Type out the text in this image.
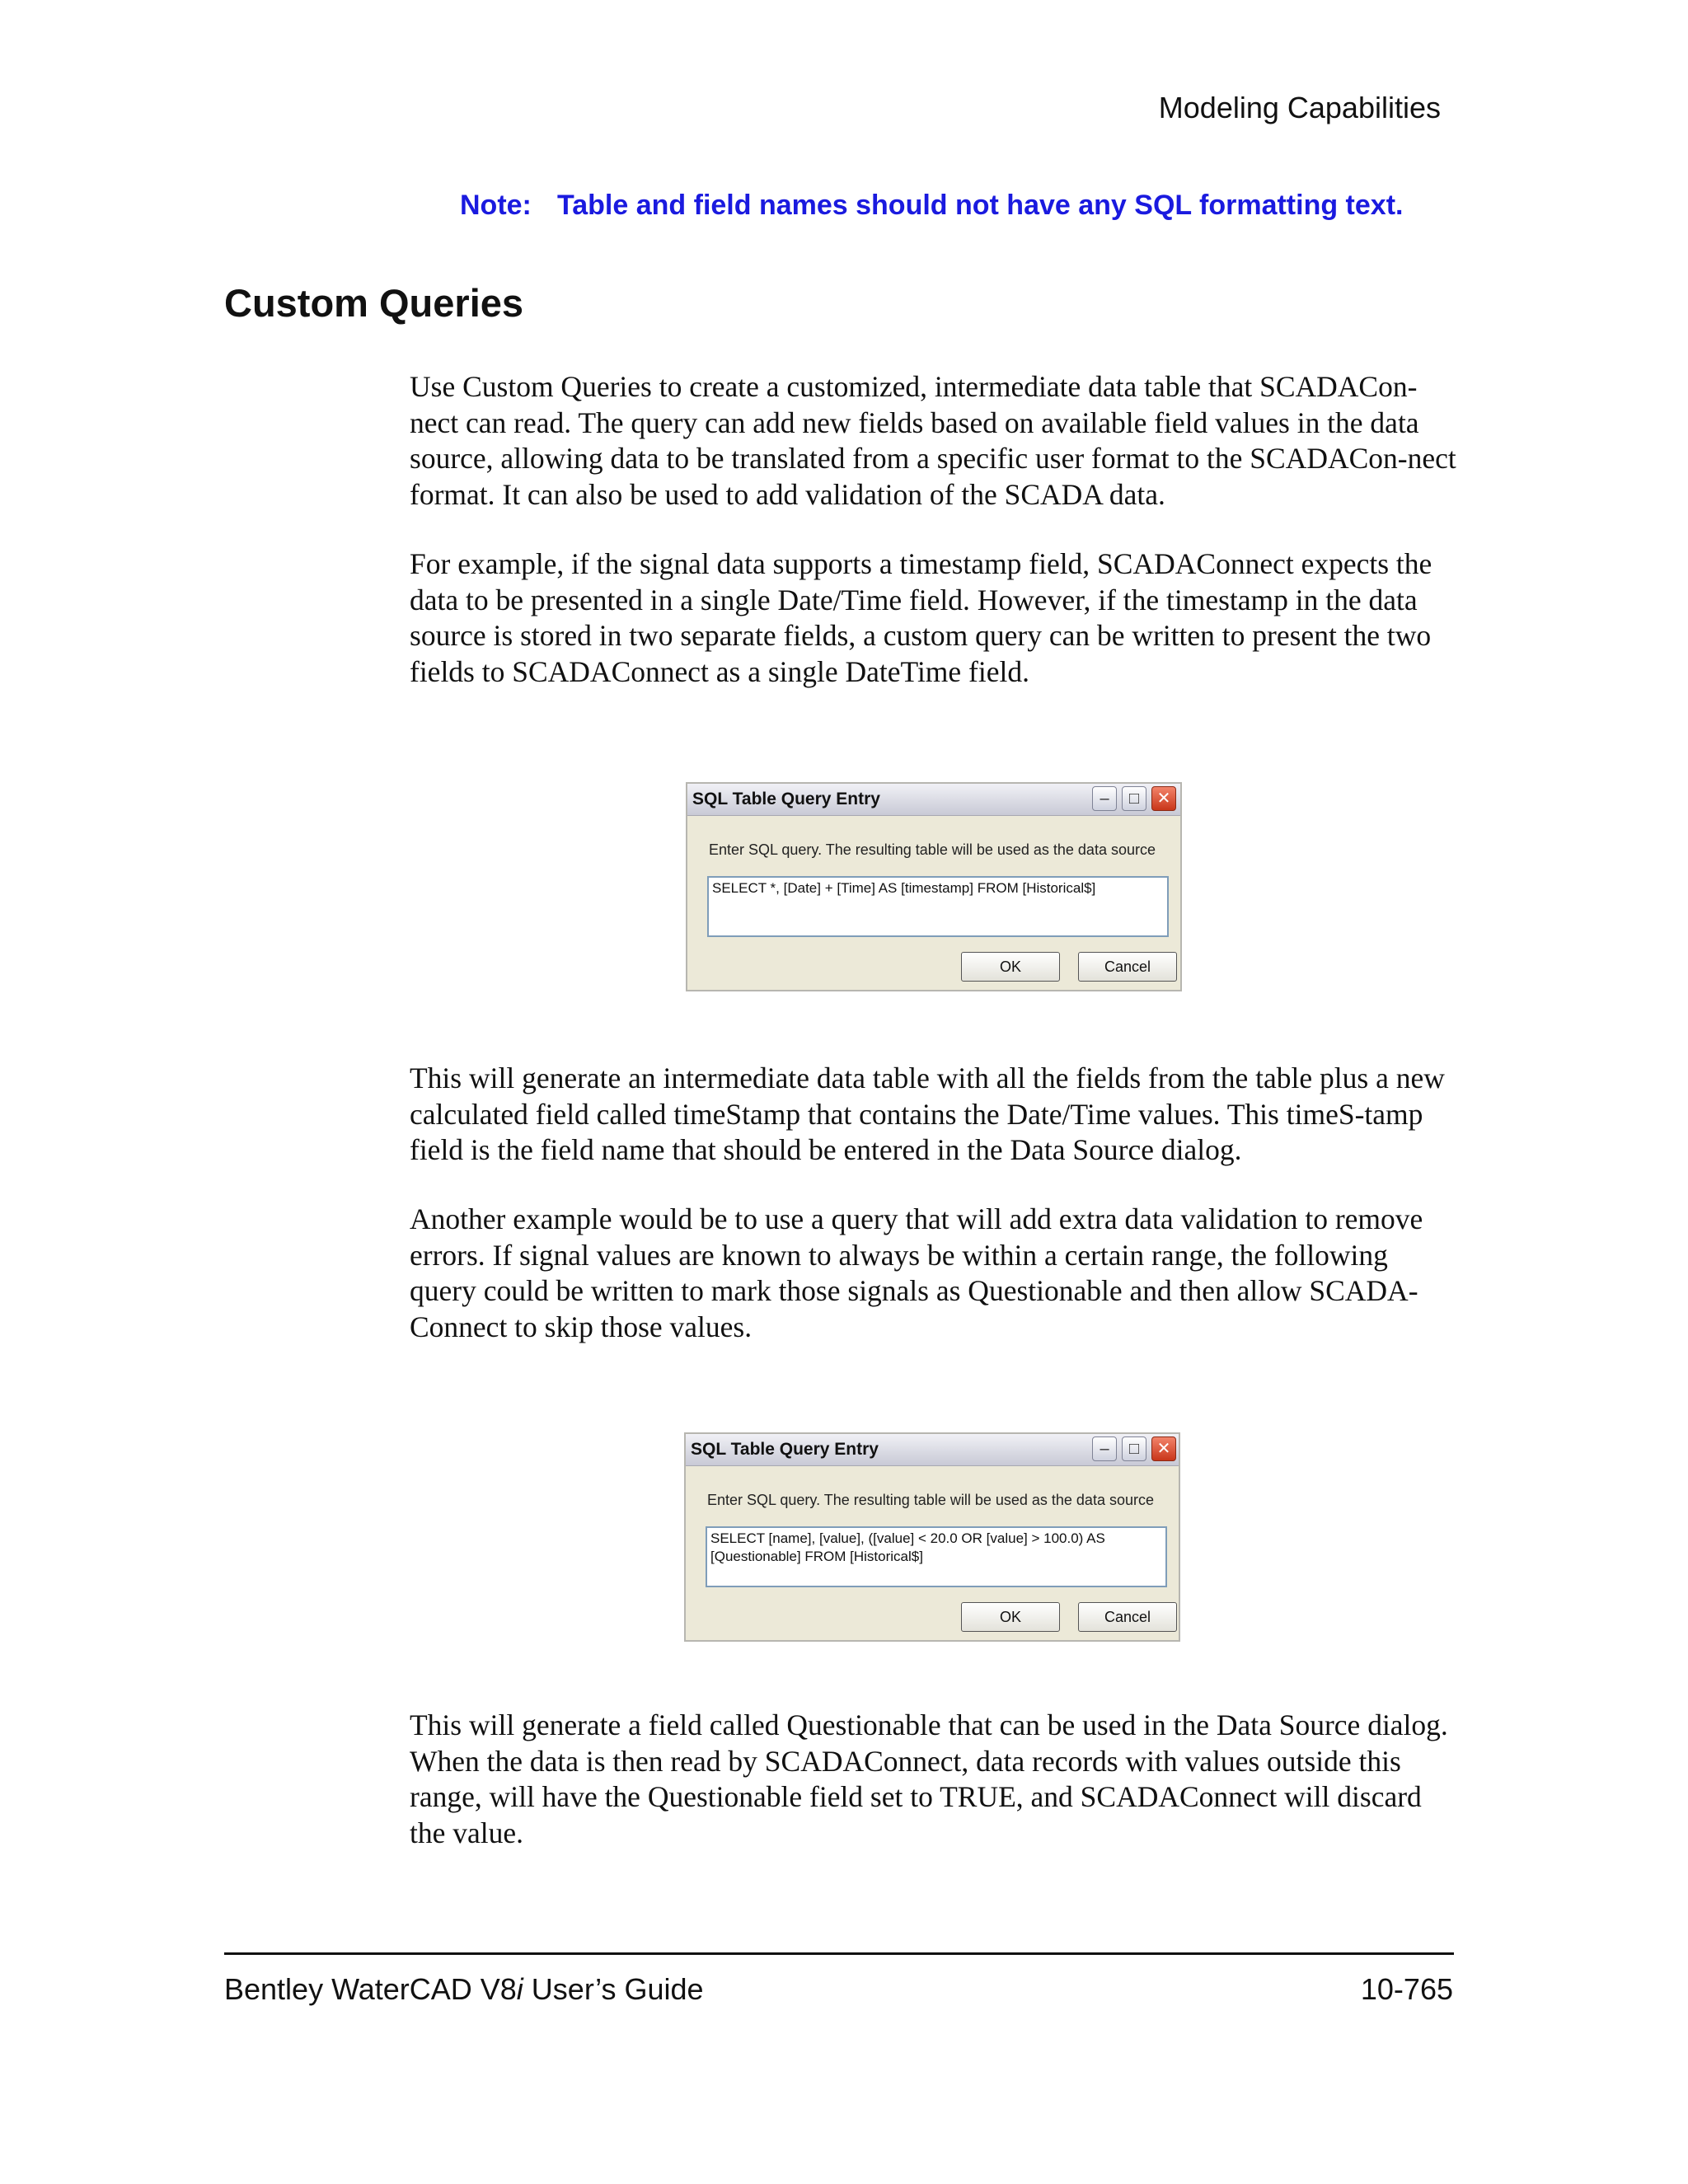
Modeling Capabilities
Note: Table and field names should not have any SQL formatting text.
Custom Queries

Use Custom Queries to create a customized, intermediate data table that SCADACon-nect can read. The query can add new fields based on available field values in the data source, allowing data to be translated from a specific user format to the SCADACon-nect format. It can also be used to add validation of the SCADA data.

For example, if the signal data supports a timestamp field, SCADAConnect expects the data to be presented in a single Date/Time field. However, if the timestamp in the data source is stored in two separate fields, a custom query can be written to present the two fields to SCADAConnect as a single DateTime field.

SQL Table Query Entry	–	□	✕
Enter SQL query. The resulting table will be used as the data source
SELECT *, [Date] + [Time] AS [timestamp] FROM [Historical$]
OK	Cancel

This will generate an intermediate data table with all the fields from the table plus a new calculated field called timeStamp that contains the Date/Time values. This timeS-tamp field is the field name that should be entered in the Data Source dialog.

Another example would be to use a query that will add extra data validation to remove errors. If signal values are known to always be within a certain range, the following query could be written to mark those signals as Questionable and then allow SCADA-Connect to skip those values.

SQL Table Query Entry	–	□	✕
Enter SQL query. The resulting table will be used as the data source
SELECT [name], [value], ([value] < 20.0 OR [value] > 100.0) AS
[Questionable] FROM [Historical$]
OK	Cancel

This will generate a field called Questionable that can be used in the Data Source dialog. When the data is then read by SCADAConnect, data records with values outside this range, will have the Questionable field set to TRUE, and SCADAConnect will discard the value.

Bentley WaterCAD V8i User’s Guide	10-765
